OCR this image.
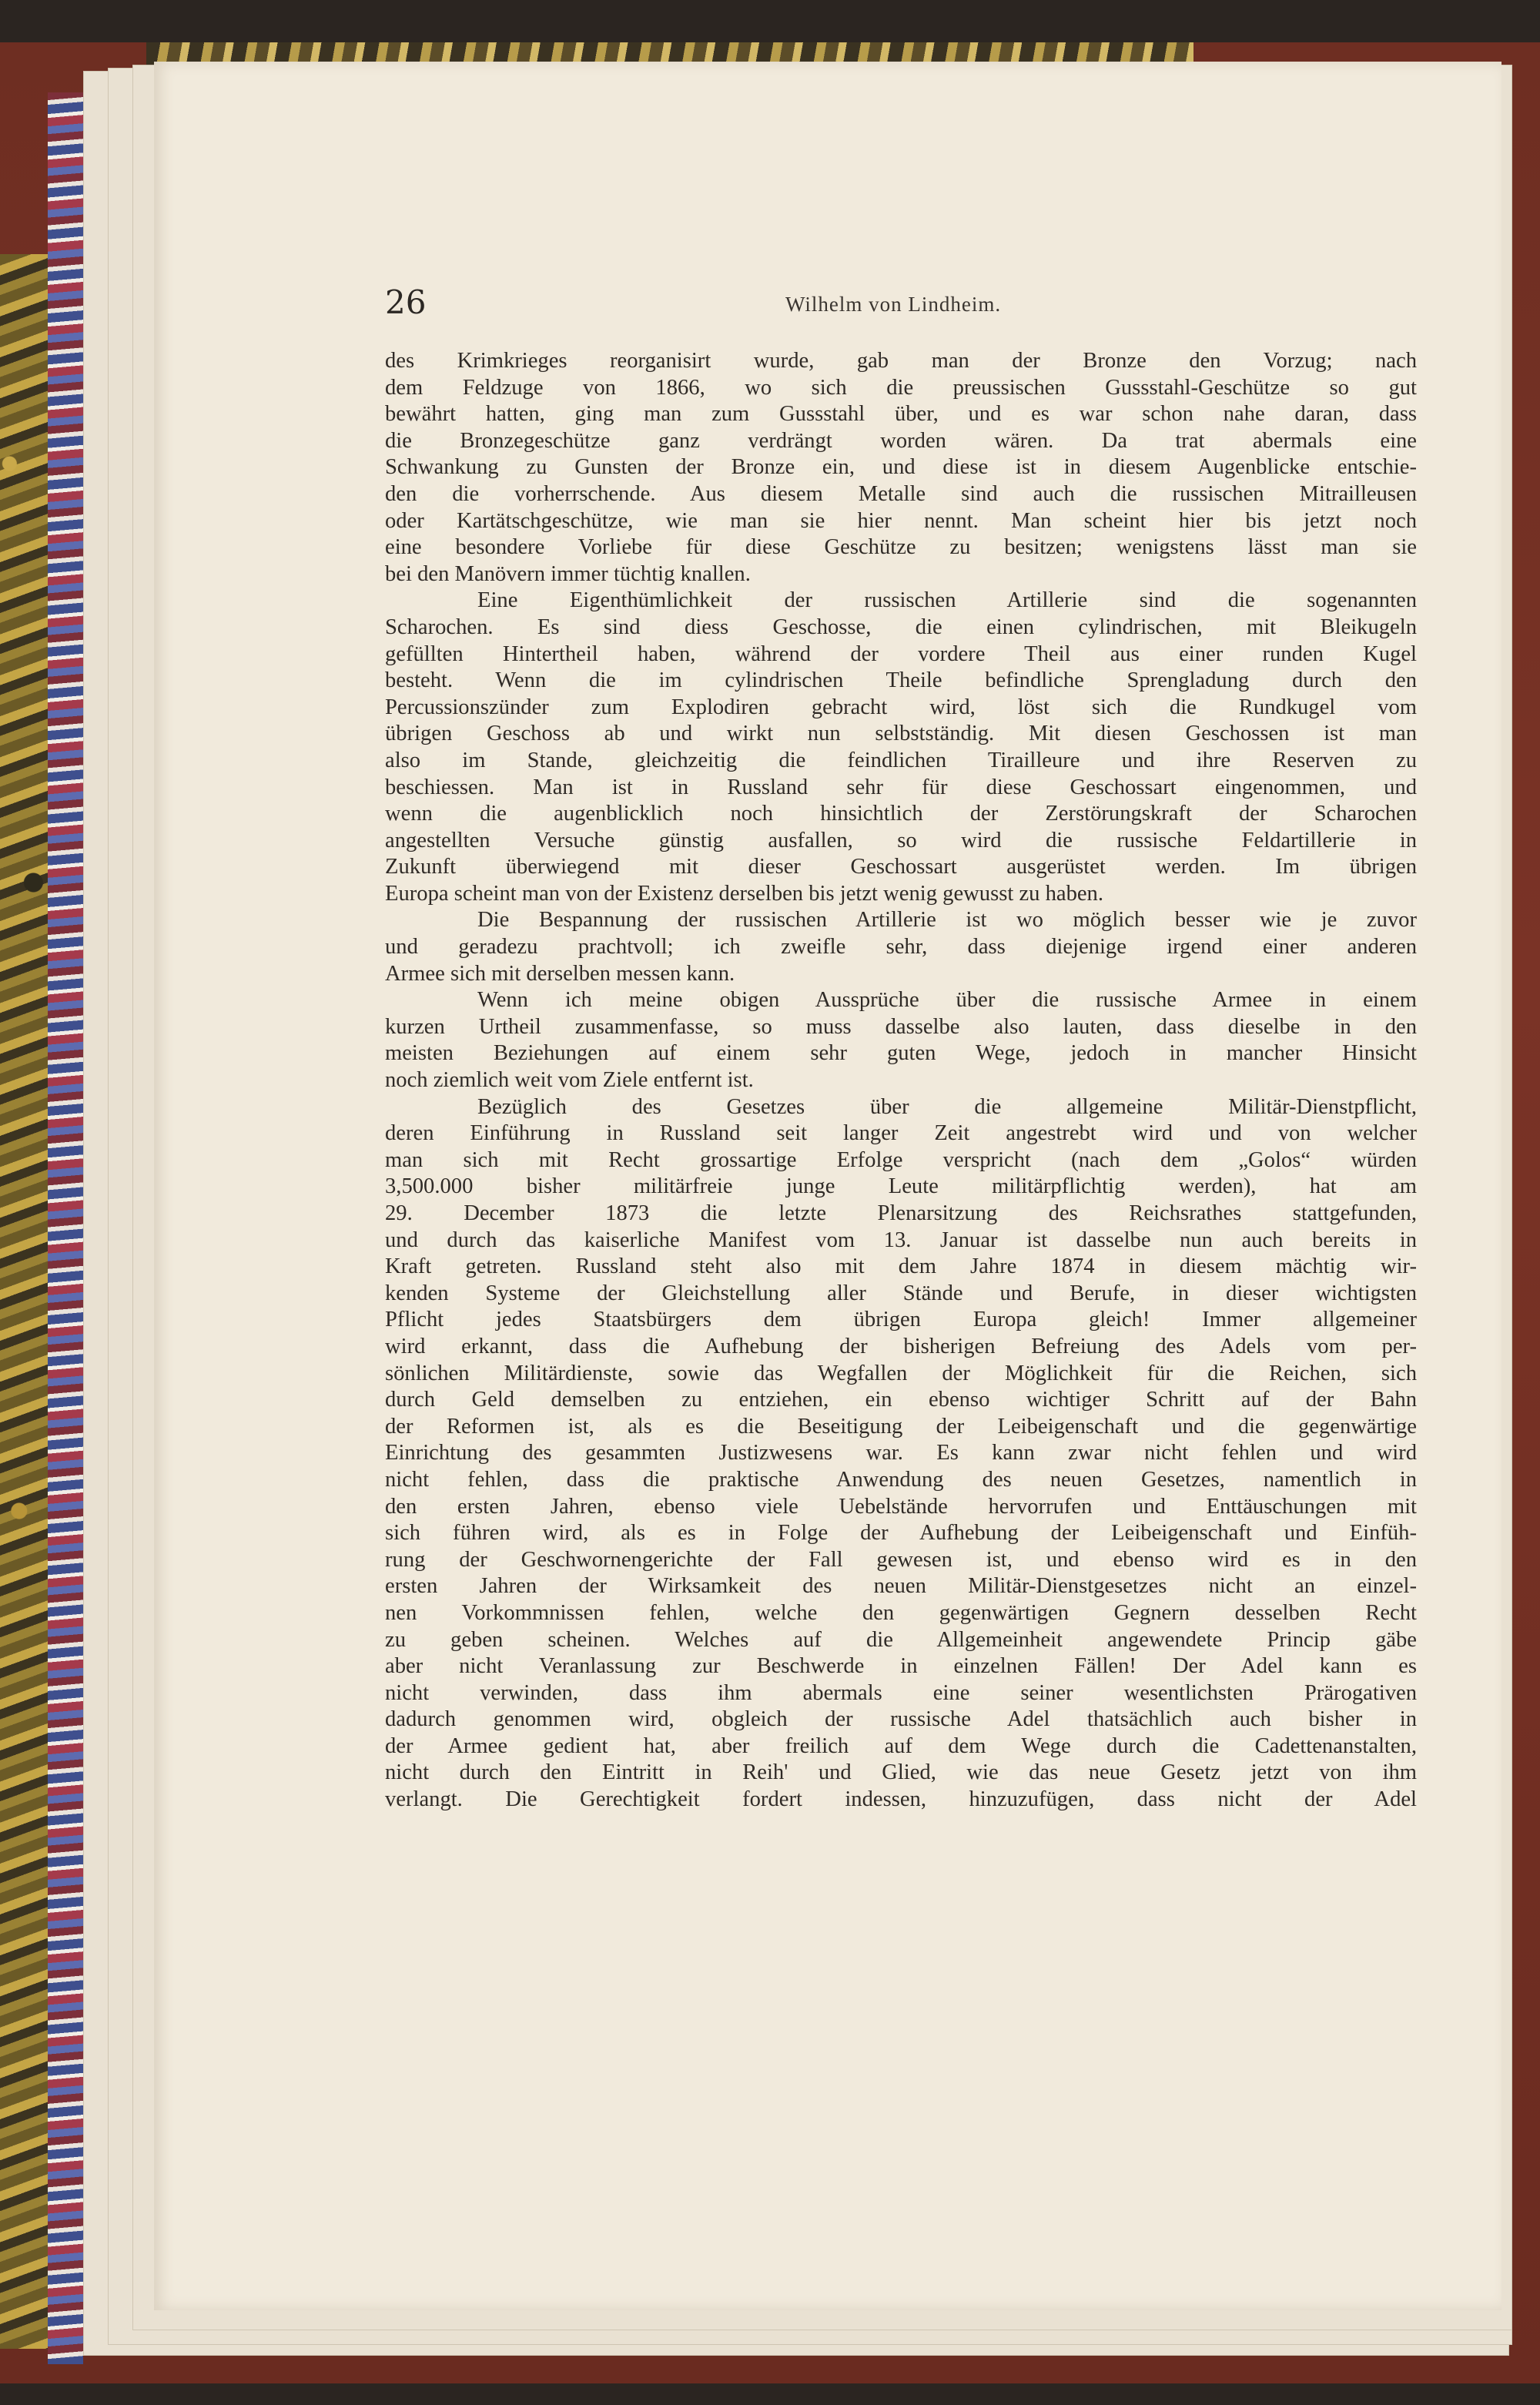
26	Wilhelm von Lindheim.
des Krimkrieges reorganisirt wurde, gab man der Bronze den Vorzug; nach
dem Feldzuge von 1866, wo sich die preussischen Gussstahl-Geschütze so gut
bewährt hatten, ging man zum Gussstahl über, und es war schon nahe daran, dass
die Bronzegeschütze ganz verdrängt worden wären. Da trat abermals eine
Schwankung zu Gunsten der Bronze ein, und diese ist in diesem Augenblicke entschie-
den die vorherrschende. Aus diesem Metalle sind auch die russischen Mitrailleusen
oder Kartätschgeschütze, wie man sie hier nennt. Man scheint hier bis jetzt noch
eine besondere Vorliebe für diese Geschütze zu besitzen; wenigstens lässt man sie
bei den Manövern immer tüchtig knallen.
Eine Eigenthümlichkeit der russischen Artillerie sind die sogenannten
Scharochen. Es sind diess Geschosse, die einen cylindrischen, mit Bleikugeln
gefüllten Hintertheil haben, während der vordere Theil aus einer runden Kugel
besteht. Wenn die im cylindrischen Theile befindliche Sprengladung durch den
Percussionszünder zum Explodiren gebracht wird, löst sich die Rundkugel vom
übrigen Geschoss ab und wirkt nun selbstständig. Mit diesen Geschossen ist man
also im Stande, gleichzeitig die feindlichen Tirailleure und ihre Reserven zu
beschiessen. Man ist in Russland sehr für diese Geschossart eingenommen, und
wenn die augenblicklich noch hinsichtlich der Zerstörungskraft der Scharochen
angestellten Versuche günstig ausfallen, so wird die russische Feldartillerie in
Zukunft überwiegend mit dieser Geschossart ausgerüstet werden. Im übrigen
Europa scheint man von der Existenz derselben bis jetzt wenig gewusst zu haben.
Die Bespannung der russischen Artillerie ist wo möglich besser wie je zuvor
und geradezu prachtvoll; ich zweifle sehr, dass diejenige irgend einer anderen
Armee sich mit derselben messen kann.
Wenn ich meine obigen Aussprüche über die russische Armee in einem
kurzen Urtheil zusammenfasse, so muss dasselbe also lauten, dass dieselbe in den
meisten Beziehungen auf einem sehr guten Wege, jedoch in mancher Hinsicht
noch ziemlich weit vom Ziele entfernt ist.
Bezüglich des Gesetzes über die allgemeine Militär-Dienstpflicht,
deren Einführung in Russland seit langer Zeit angestrebt wird und von welcher
man sich mit Recht grossartige Erfolge verspricht (nach dem „Golos“ würden
3,500.000 bisher militärfreie junge Leute militärpflichtig werden), hat am
29. December 1873 die letzte Plenarsitzung des Reichsrathes stattgefunden,
und durch das kaiserliche Manifest vom 13. Januar ist dasselbe nun auch bereits in
Kraft getreten. Russland steht also mit dem Jahre 1874 in diesem mächtig wir-
kenden Systeme der Gleichstellung aller Stände und Berufe, in dieser wichtigsten
Pflicht jedes Staatsbürgers dem übrigen Europa gleich! Immer allgemeiner
wird erkannt, dass die Aufhebung der bisherigen Befreiung des Adels vom per-
sönlichen Militärdienste, sowie das Wegfallen der Möglichkeit für die Reichen, sich
durch Geld demselben zu entziehen, ein ebenso wichtiger Schritt auf der Bahn
der Reformen ist, als es die Beseitigung der Leibeigenschaft und die gegenwärtige
Einrichtung des gesammten Justizwesens war. Es kann zwar nicht fehlen und wird
nicht fehlen, dass die praktische Anwendung des neuen Gesetzes, namentlich in
den ersten Jahren, ebenso viele Uebelstände hervorrufen und Enttäuschungen mit
sich führen wird, als es in Folge der Aufhebung der Leibeigenschaft und Einfüh-
rung der Geschwornengerichte der Fall gewesen ist, und ebenso wird es in den
ersten Jahren der Wirksamkeit des neuen Militär-Dienstgesetzes nicht an einzel-
nen Vorkommnissen fehlen, welche den gegenwärtigen Gegnern desselben Recht
zu geben scheinen. Welches auf die Allgemeinheit angewendete Princip gäbe
aber nicht Veranlassung zur Beschwerde in einzelnen Fällen! Der Adel kann es
nicht verwinden, dass ihm abermals eine seiner wesentlichsten Prärogativen
dadurch genommen wird, obgleich der russische Adel thatsächlich auch bisher in
der Armee gedient hat, aber freilich auf dem Wege durch die Cadettenanstalten,
nicht durch den Eintritt in Reih' und Glied, wie das neue Gesetz jetzt von ihm
verlangt. Die Gerechtigkeit fordert indessen, hinzuzufügen, dass nicht der Adel
